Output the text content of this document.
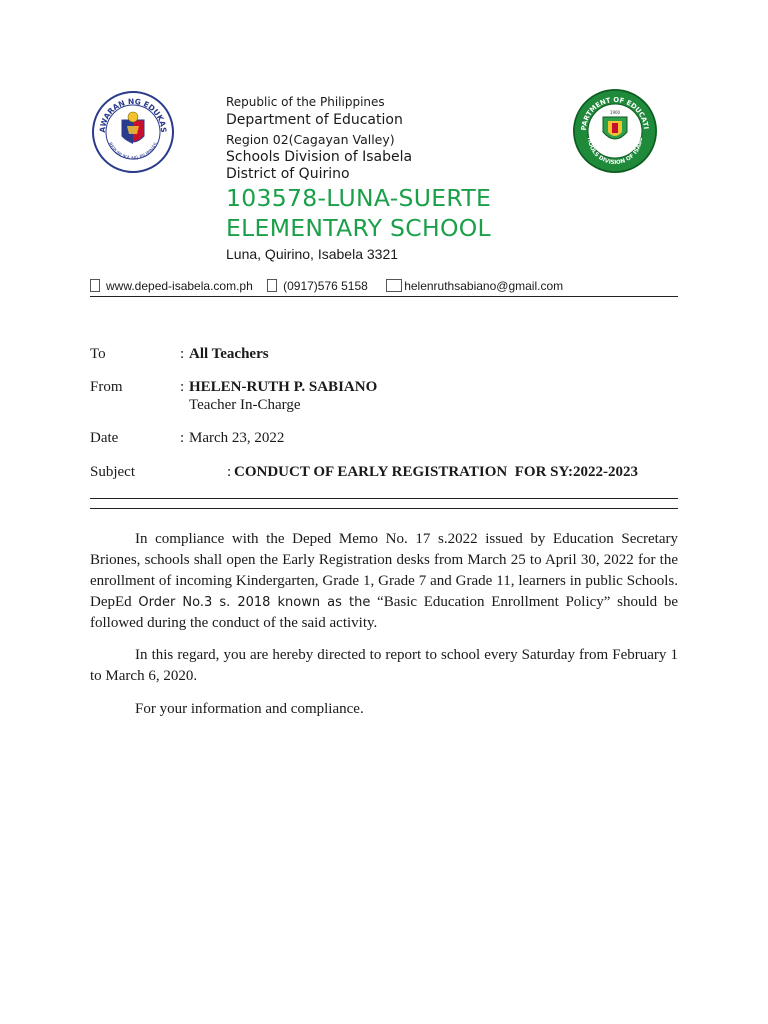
AWARAN NG EDUKAS
REPUBLIKA NG PILIPINAS
PARTMENT OF EDUCATI
HOOLS DIVISION OF ISABE
1900
Republic of the Philippines
Department of Education
Region 02(Cagayan Valley)
Schools Division of Isabela
District of Quirino
103578-LUNA-SUERTE
ELEMENTARY SCHOOL
Luna, Quirino, Isabela 3321
www.deped-isabela.com.ph	(0917)576 5158	helenruthsabiano@gmail.com
To	: All Teachers
From	: HELEN-RUTH P. SABIANO
Teacher In-Charge
Date	: March 23, 2022
Subject	: CONDUCT OF EARLY REGISTRATION  FOR SY:2022-2023

In compliance with the Deped Memo No. 17 s.2022 issued by Education Secretary Briones, schools shall open the Early Registration desks from March 25 to April 30, 2022 for the enrollment of incoming Kindergarten, Grade 1, Grade 7 and Grade 11, learners in public Schools. DepEd Order No.3 s. 2018 known as the “Basic Education Enrollment Policy” should be followed during the conduct of the said activity.

In this regard, you are hereby directed to report to school every Saturday from February 1 to March 6, 2020.

For your information and compliance.
